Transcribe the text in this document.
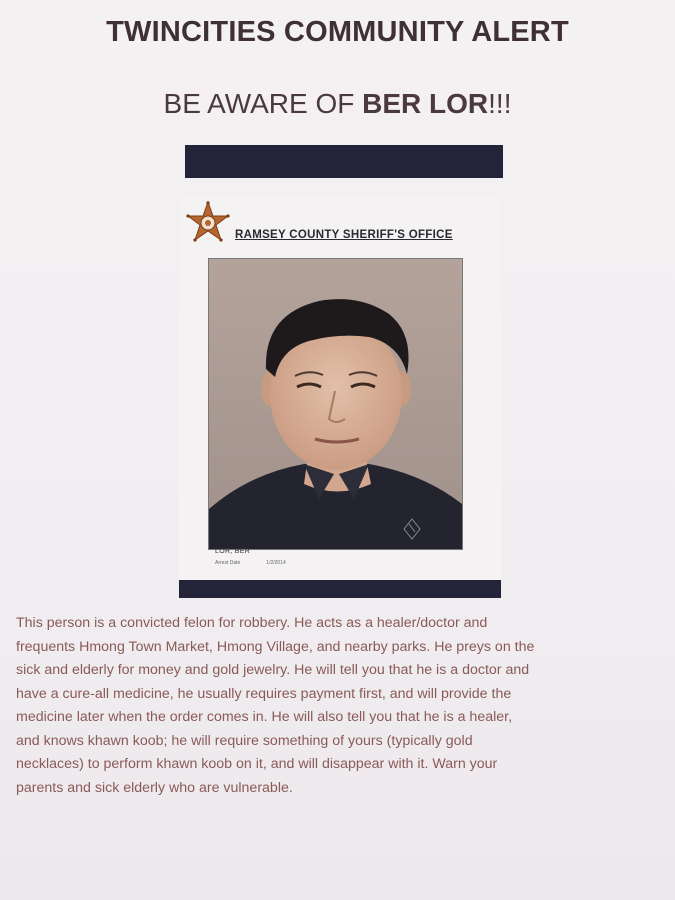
TWINCITIES COMMUNITY ALERT
BE AWARE OF BER LOR!!!
RAMSEY COUNTY SHERIFF'S OFFICE
LOR, BER
Arrest Date	1/2/2014
This person is a convicted felon for robbery. He acts as a healer/doctor and
frequents Hmong Town Market, Hmong Village, and nearby parks. He preys on the
sick and elderly for money and gold jewelry. He will tell you that he is a doctor and
have a cure-all medicine, he usually requires payment first, and will provide the
medicine later when the order comes in. He will also tell you that he is a healer,
and knows khawn koob; he will require something of yours (typically gold
necklaces) to perform khawn koob on it, and will disappear with it. Warn your
parents and sick elderly who are vulnerable.
